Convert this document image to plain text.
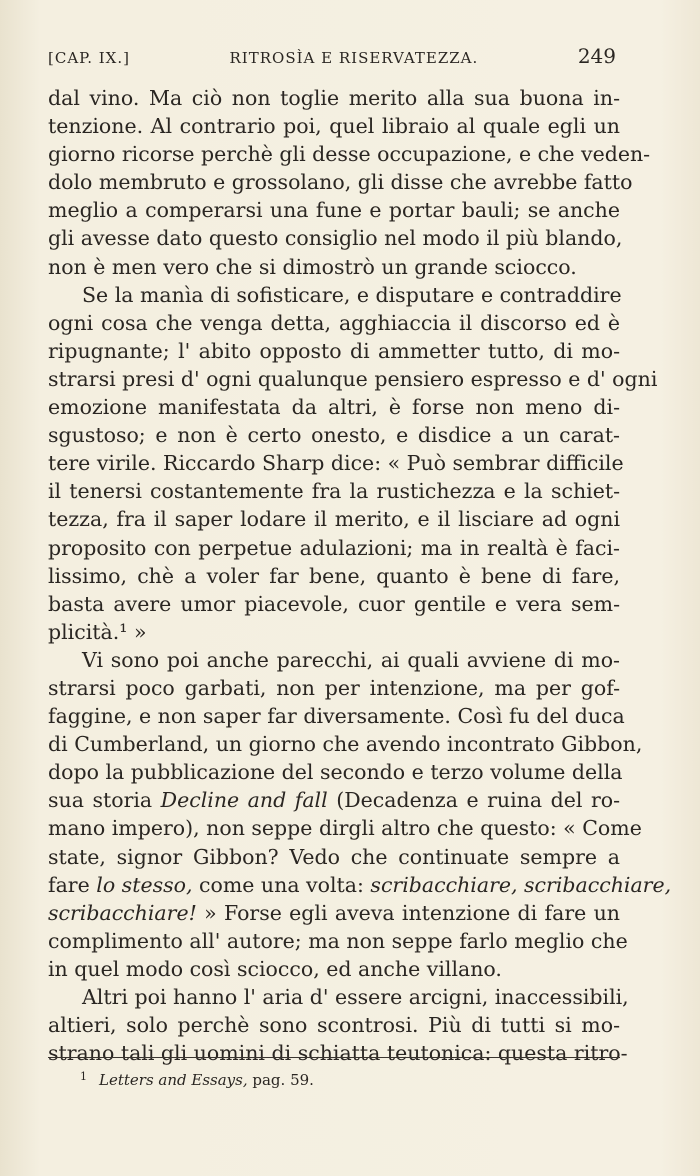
[CAP. IX.]	RITROSÌA E RISERVATEZZA.	249
dal vino. Ma ciò non toglie merito alla sua buona in-
tenzione. Al contrario poi, quel libraio al quale egli un
giorno ricorse perchè gli desse occupazione, e che veden-
dolo membruto e grossolano, gli disse che avrebbe fatto
meglio a comperarsi una fune e portar bauli; se anche
gli avesse dato questo consiglio nel modo il più blando,
non è men vero che si dimostrò un grande sciocco.
Se la manìa di sofisticare, e disputare e contraddire
ogni cosa che venga detta, agghiaccia il discorso ed è
ripugnante; l' abito opposto di ammetter tutto, di mo-
strarsi presi d' ogni qualunque pensiero espresso e d' ogni
emozione manifestata da altri, è forse non meno di-
sgustoso; e non è certo onesto, e disdice a un carat-
tere virile. Riccardo Sharp dice: « Può sembrar difficile
il tenersi costantemente fra la rustichezza e la schiet-
tezza, fra il saper lodare il merito, e il lisciare ad ogni
proposito con perpetue adulazioni; ma in realtà è faci-
lissimo, chè a voler far bene, quanto è bene di fare,
basta avere umor piacevole, cuor gentile e vera sem-
plicità.¹ »
Vi sono poi anche parecchi, ai quali avviene di mo-
strarsi poco garbati, non per intenzione, ma per gof-
faggine, e non saper far diversamente. Così fu del duca
di Cumberland, un giorno che avendo incontrato Gibbon,
dopo la pubblicazione del secondo e terzo volume della
sua storia Decline and fall (Decadenza e ruina del ro-
mano impero), non seppe dirgli altro che questo: « Come
state, signor Gibbon? Vedo che continuate sempre a
fare lo stesso, come una volta: scribacchiare, scribacchiare,
scribacchiare! » Forse egli aveva intenzione di fare un
complimento all' autore; ma non seppe farlo meglio che
in quel modo così sciocco, ed anche villano.
Altri poi hanno l' aria d' essere arcigni, inaccessibili,
altieri, solo perchè sono scontrosi. Più di tutti si mo-
strano tali gli uomini di schiatta teutonica: questa ritro-
$^1$ Letters and Essays, pag. 59.
